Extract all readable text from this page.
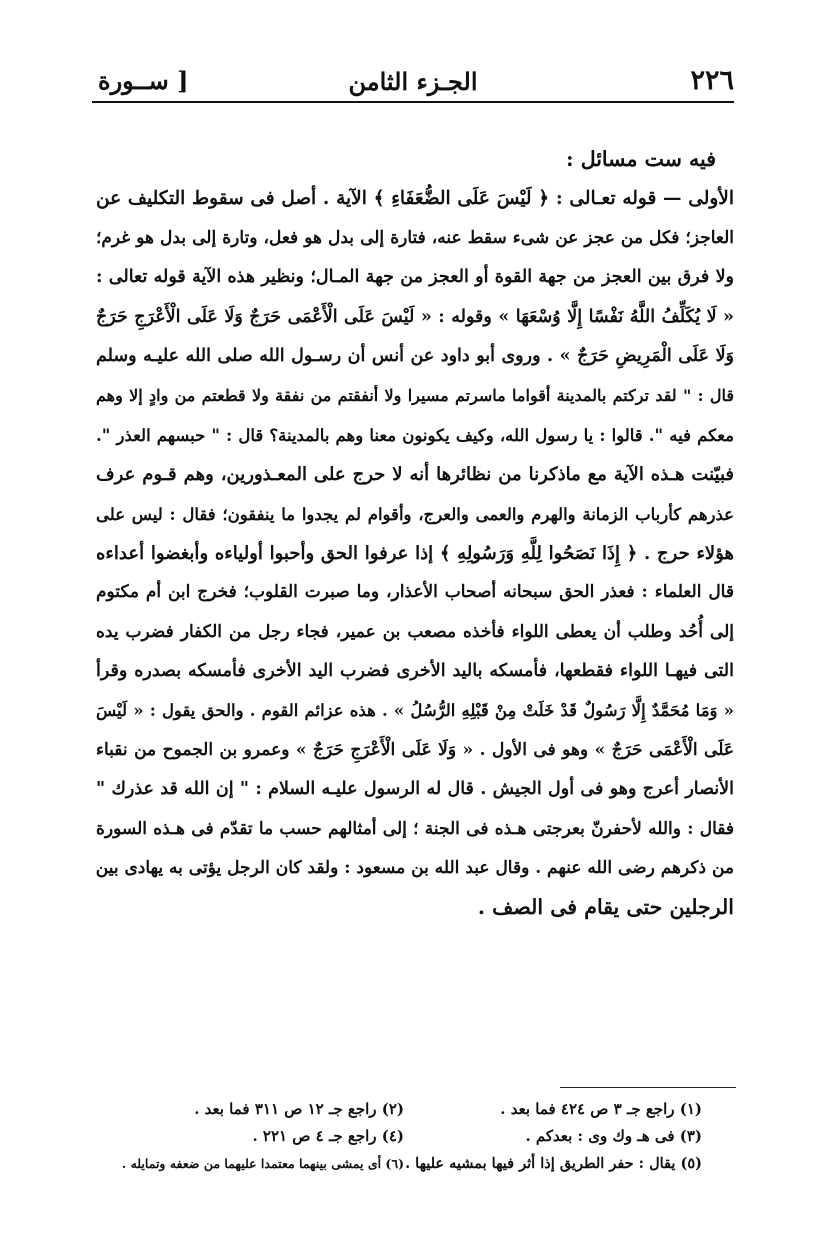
٢٢٦
الجـزء الثامن
[ ســورة
فيه ست مسائل :
الأولى — قوله تعـالى : ﴿ لَيْسَ عَلَى الضُّعَفَاءِ ﴾ الآية . أصل فى سقوط التكليف عن
العاجز؛ فكل من عجز عن شىء سقط عنه، فتارة إلى بدل هو فعل، وتارة إلى بدل هو غرم؛
ولا فرق بين العجز من جهة القوة أو العجز من جهة المـال؛ ونظير هذه الآية قوله تعالى :
« لَا يُكَلِّفُ اللَّهُ نَفْسًا إِلَّا وُسْعَهَا » وقوله : « لَيْسَ عَلَى الْأَعْمَى حَرَجٌ وَلَا عَلَى الْأَعْرَجِ حَرَجٌ
وَلَا عَلَى الْمَرِيضِ حَرَجٌ » . وروى أبو داود عن أنس أن رسـول الله صلى الله عليـه وسلم
قال : " لقد تركتم بالمدينة أقواما ماسرتم مسيرا ولا أنفقتم من نفقة ولا قطعتم من وادٍ إلا وهم
معكم فيه ". قالوا : يا رسول الله، وكيف يكونون معنا وهم بالمدينة؟ قال : " حبسهم العذر ".
فبيّنت هـذه الآية مع ماذكرنا من نظائرها أنه لا حرج على المعـذورين، وهم قـوم عرف
عذرهم كأرباب الزمانة والهرم والعمى والعرج، وأقوام لم يجدوا ما ينفقون؛ فقال : ليس على
هؤلاء حرج . ﴿ إِذَا نَصَحُوا لِلَّهِ وَرَسُولِهِ ﴾ إذا عرفوا الحق وأحبوا أولياءه وأبغضوا أعداءه
قال العلماء : فعذر الحق سبحانه أصحاب الأعذار، وما صبرت القلوب؛ فخرج ابن أم مكتوم
إلى أُحُد وطلب أن يعطى اللواء فأخذه مصعب بن عمير، فجاء رجل من الكفار فضرب يده
التى فيهـا اللواء فقطعها، فأمسكه باليد الأخرى فضرب اليد الأخرى فأمسكه بصدره وقرأ
« وَمَا مُحَمَّدٌ إِلَّا رَسُولٌ قَدْ خَلَتْ مِنْ قَبْلِهِ الرُّسُلُ » . هذه عزائم القوم . والحق يقول : « لَيْسَ
عَلَى الْأَعْمَى حَرَجٌ » وهو فى الأول . « وَلَا عَلَى الْأَعْرَجِ حَرَجٌ » وعمرو بن الجموح من نقباء
الأنصار أعرج وهو فى أول الجيش . قال له الرسول عليـه السلام : " إن الله قد عذرك "
فقال : والله لأحفرنّ بعرجتى هـذه فى الجنة ؛ إلى أمثالهم حسب ما تقدّم فى هـذه السورة
من ذكرهم رضى الله عنهم . وقال عبد الله بن مسعود : ولقد كان الرجل يؤتى به يهادى بين
الرجلين حتى يقام فى الصف .
(١) راجع جـ ٣ ص ٤٢٤ فما بعد .
(٢) راجع جـ ١٢ ص ٣١١ فما بعد .
(٣) فى هـ وك وى : بعدكم .
(٤) راجع جـ ٤ ص ٢٢١ .
(٥) يقال : حفر الطريق إذا أثر فيها بمشيه عليها .
(٦) أى يمشى بينهما معتمدا عليهما من ضعفه وتمايله .
